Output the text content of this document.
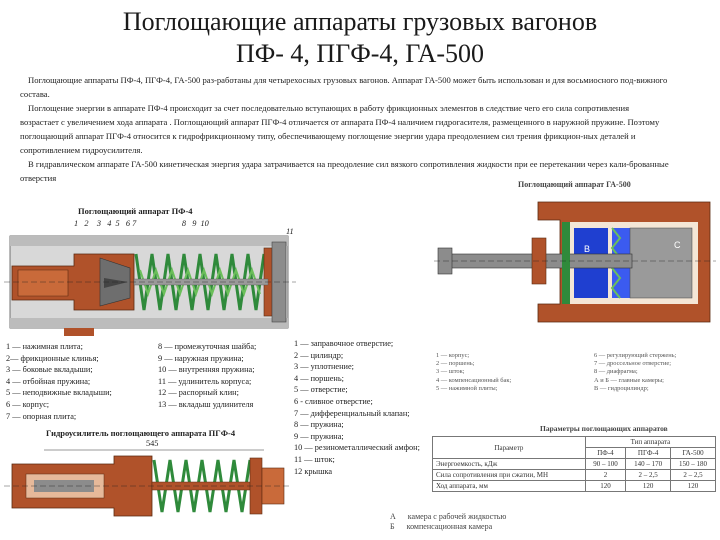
Поглощающие аппараты грузовых вагонов
ПФ- 4, ПГФ-4, ГА-500

Поглощающие аппараты ПФ-4, ПГФ-4, ГА-500 раз-работаны для четырехосных грузовых вагонов. Аппарат ГА-500 может быть использован и для восьмиосного под-вижного состава.

Поглощение энергии в аппарате ПФ-4 происходит за счет последовательно вступающих в работу фрикционных элементов в следствие чего его сила сопротивления возрастает с увеличением хода аппарата . Поглощающий аппарат ПГФ-4 отличается от аппарата ПФ-4 наличием гидрогасителя, размещенного в наружной пружине. Поэтому поглощающий аппарат ПГФ-4 относится к гидрофрикционному типу, обеспечивающему поглощение энергии удара преодолением сил трения фрикцион-ных деталей и сопротивлением гидроусилителя.

В гидравлическом аппарате ГА-500 кинетическая энергия удара затрачивается на преодоление сил вязкого сопротивления жидкости при ее перетекании через кали-брованные отверстия

Поглощающий аппарат ПФ-4
1   2    3   4  5   6 7                      8   9  10
11
1 — нажимная плита;
2— фрикционные клинья;
3 — боковые вкладыши;
4 — отбойная пружина;
5 — неподвижные вкладыши;
6 — корпус;
7 — опорная плита;
8 — промежуточная шайба;
9 — наружная пружина;
10 — внутренняя пружина;
11 — удлинитель корпуса;
12 — распорный клин;
13 — вкладыш удлинителя
Гидроусилитель поглощающего аппарата ПГФ-4
545
1 — заправочное отверстие;
2 — цилиндр;
3 — уплотнение;
4 — поршень;
5 — отверстие;
6 - сливное отверстие;
7 — дифференциальный клапан;
8 — пружина;
9 — пружина;
10 — резинометаллический амфон;
11 — шток;
12 крышка
Поглощающий аппарат ГА-500
B	C
1 — корпус;
2 — поршень;
3 — шток;
4 — компенсационный бак;
5 — нажимной плиты;
6 — регулирующий стержень;
7 — дроссельное отверстие;
8 — диафрагма;
А и Б — главные камеры;
В — гидроцилиндр;
Параметры поглощающих аппаратов
Параметр	Тип аппарата		
	ПФ-4	ПГФ-4	ГА-500
Энергоемкость, кДж	90 – 100	140 – 170	150 – 180
Сила сопротивления при сжатии, МН	2	2 – 2,5	2 – 2,5
Ход аппарата, мм	120	120	120
А камера с рабочей жидкостью
Б компенсационная камера
